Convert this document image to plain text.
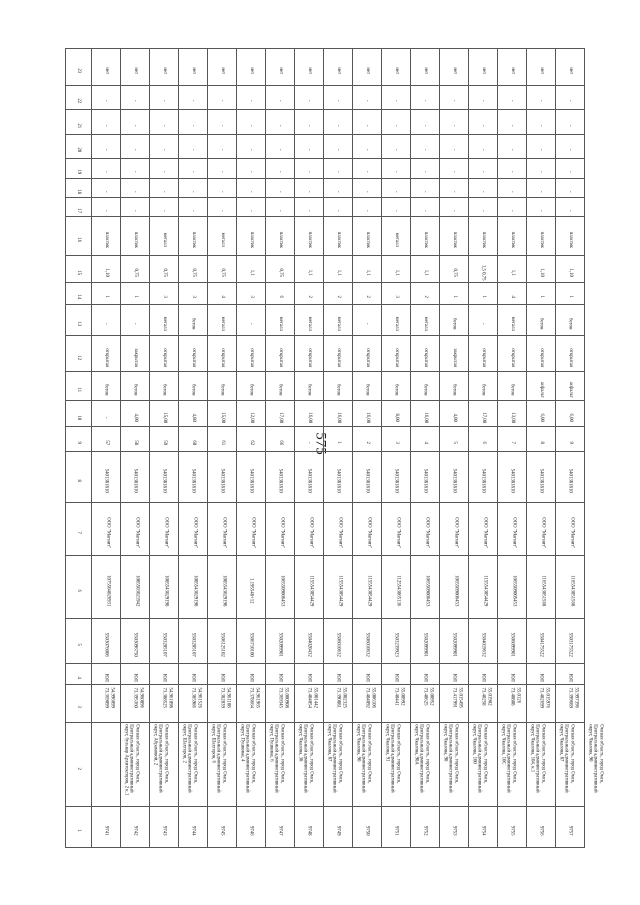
575
23	нет	нет	нет	нет	нет	нет	нет	нет	нет	нет	нет	нет	нет	нет	нет	нет	нет
22	-	-	-	-	-	-	-	-	-	-	-	-	-	-	-	-	-
21	-	-	-	-	-	-	-	-	-	-	-	-	-	-	-	-	-
20	-	-	-	-	-	-	-	-	-	-	-	-	-	-	-	-	-
19	-	-	-	-	-	-	-	-	-	-	-	-	-	-	-	-	-
18	-	-	-	-	-	-	-	-	-	-	-	-	-	-	-	-	-
17	-	-	-	-	-	-	-	-	-	-	-	-	-	-	-	-	-
16	пластик	пластик	металл	пластик	металл	пластик	пластик	пластик	пластик	пластик	металл	пластик	пластик	пластик	пластик	пластик	пластик
15	1,10	0,75	0,75	0,75	0,75	1,1	0,75	1,1	1,1	1,1	1,1	1,1	0,75	1,5 0,75	1,1	1,10	1,10
14	1	1	3	3	4	3	6	2	2	2	3	2	1	1	4	1	1
13	-	-	металл	бетон	металл	-	металл	металл	металл	-	металл	металл	бетон	-	металл	бетон	бетон
12	открытая	закрытая	открытая	открытая	открытая	открытая	открытая	открытая	открытая	открытая	открытая	открытая	закрытая	открытая	открытая	открытая	открытая
11	бетон	бетон	бетон	бетон	бетон	бетон	бетон	бетон	бетон	бетон	бетон	бетон	бетон	бетон	бетон	асфальт	асфальт
10	-	4,00	15,00	4,80	15,00	12,00	17,00	16,00	16,00	16,00	8,00	16,00	4,00	17,00	13,00	6,00	6,00
9	57	58	59	60	61	62	66	-	1	2	3	4	5	6	7	8	9
8	5401381810	5401381810	5401381810	5401381810	5401381810	5401381810	5401381810	5401381810	5401381810	5401381810	5401381810	5401381810	5401381810	5401381810	5401381810	5401381810	5401381810
7	ООО "Магнит"	ООО "Магнит"	ООО "Магнит"	ООО "Магнит"	ООО "Магнит"	ООО "Магнит"	ООО "Магнит"	ООО "Магнит"	ООО "Магнит"	ООО "Магнит"	ООО "Магнит"	ООО "Магнит"	ООО "Магнит"	ООО "Магнит"	ООО "Магнит"	ООО "Магнит"	ООО "Магнит"
6	1075504026931	1085503021942	1085543029198	1085543029198	1085543029198	1.195548+12	1065509006453	1155543054429	1155543054429	1155543054429	1125543065136	1065509006453	1065509006453	1155543054429	1065509005453	1165543051568	1165543051568
5	5503076006	5503096750	5503205107	5503205107	5506125102	5506710100	5502099901	5504020432	5506010632	5506010632	5503239923	5502099901	5502099901	5504019632	5506099901	5504175522	5503175522
4	ЮЛ	ЮЛ	ЮЛ	ЮЛ	ЮЛ	ЮЛ	ЮЛ	ЮЛ	ЮЛ	ЮЛ	ЮЛ	ЮЛ	ЮЛ	ЮЛ	ЮЛ	ЮЛ	ЮЛ
3	54.996099 73.369099	54.960896 73.395360	54.961098 73.388525	54.961526 73.385986	54.961108 73.382039	54.961965 73.378664	55.000908 73.369345	55.001442 73.404054	55.002325 73.390881	55.006106 73.404092	55.00992 73.40441	55.00952 73.40625	55.015495 73.417991	55.01902 73.40258	55.0126 73.40808	55.015976 73.402699	55.997396 73.399689
2	Омская область, город Омск, Центральный административный округ, бульвар Архитекторов, 2 к.1	Омская область, город Омск, Центральный административный округ, Абрамовой, 2	Омская область, город Омск, Центральный административный округ, Шахтеров, 2	Омская область, город Омск, Центральный административный округ, Шахтеров, 6	Омская область, город Омск, Центральный административный округ, Пушкина, 4	Омская область, город Омск, Центральный административный округ, Пушкина, 6	Омская область, город Омск, Центральный административный округ, Чкалова, 38	Омская область, город Омск, Центральный административный округ, Чкалова, 87	Омская область, город Омск, Центральный административный округ, Чкалова, 90	Омская область, город Омск, Центральный административный округ, Чкалова, 91	Омская область, город Омск, Центральный административный округ, Чкалова, 98А	Омская область, город Омск, Центральный административный округ, Чкалова, 98	Омская область, город Омск, Центральный административный округ, Чкалова, 100	Омская область, город Омск, Центральный административный округ, Чкалова, 10С	Омская область, город Омск, Центральный административный округ, Чкалова, 104, к.1	Омская область, город Омск, Центральный административный округ, Чкалова, 87	Омская область, город Омск, Центральный административный округ, Чкалова, 90
1	9741	9742	9743	9744	9745	9746	9747	9748	9749	9750	9751	9752	9753	9754	9755	9756	9757
